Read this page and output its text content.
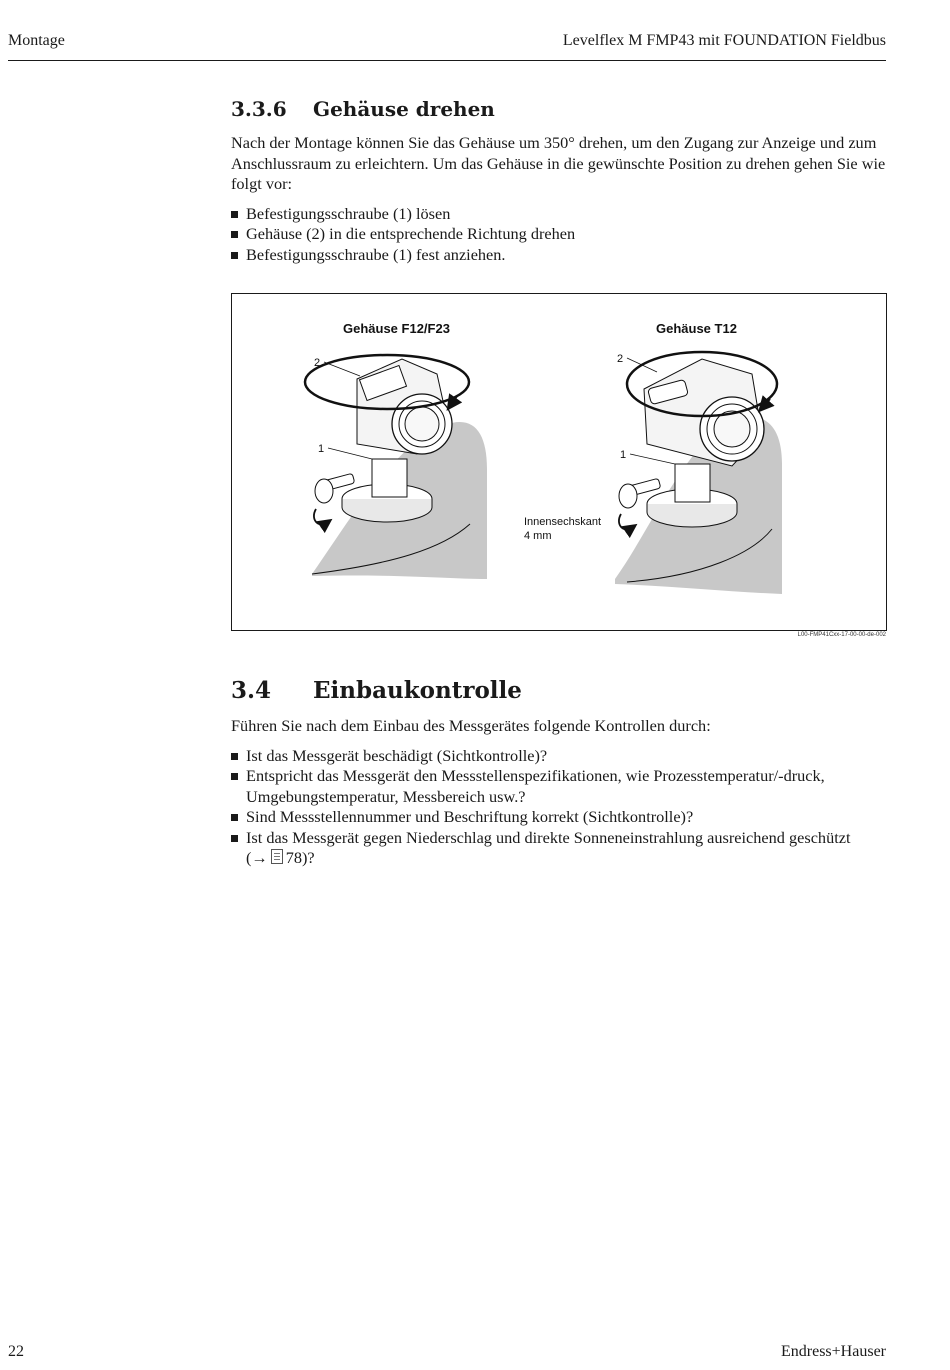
Montage	Levelflex M FMP43 mit FOUNDATION Fieldbus
3.3.6 Gehäuse drehen

Nach der Montage können Sie das Gehäuse um 350° drehen, um den Zugang zur Anzeige und zum Anschlussraum zu erleichtern. Um das Gehäuse in die gewünschte Position zu drehen gehen Sie wie folgt vor:

Befestigungsschraube (1) lösen
Gehäuse (2) in die entsprechende Richtung drehen
Befestigungsschraube (1) fest anziehen.
Gehäuse F12/F23	Gehäuse T12
2
1
2
1
Innensechskant
4 mm
L00-FMP41Cxx-17-00-00-de-002
3.4 Einbaukontrolle

Führen Sie nach dem Einbau des Messgerätes folgende Kontrollen durch:

Ist das Messgerät beschädigt (Sichtkontrolle)?
Entspricht das Messgerät den Messstellenspezifikationen, wie Prozesstemperatur/-druck, Umgebungstemperatur, Messbereich usw.?
Sind Messstellennummer und Beschriftung korrekt (Sichtkontrolle)?
Ist das Messgerät gegen Niederschlag und direkte Sonneneinstrahlung ausreichend geschützt
(→ 78)?
22	Endress+Hauser
